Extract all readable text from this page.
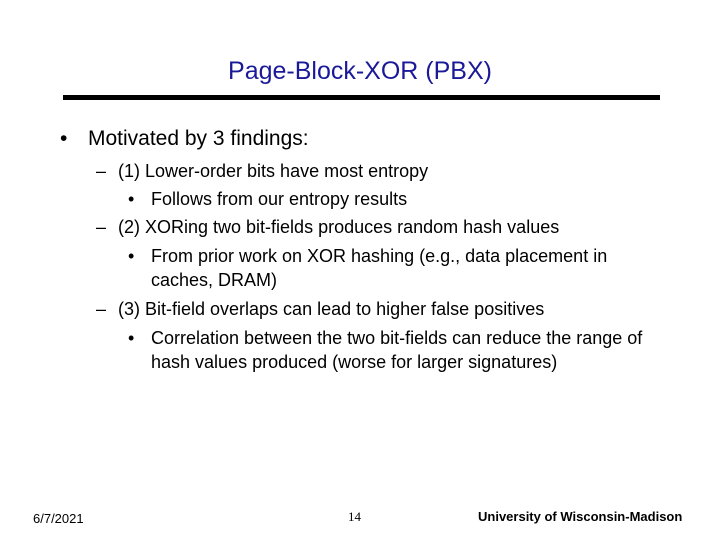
Page-Block-XOR (PBX)

• Motivated by 3 findings:

– (1) Lower-order bits have most entropy

• Follows from our entropy results

– (2) XORing two bit-fields produces random hash values

• From prior work on XOR hashing (e.g., data placement in caches, DRAM)

– (3) Bit-field overlaps can lead to higher false positives

• Correlation between the two bit-fields can reduce the range of hash values produced (worse for larger signatures)

6/7/2021	14	University of Wisconsin-Madison
